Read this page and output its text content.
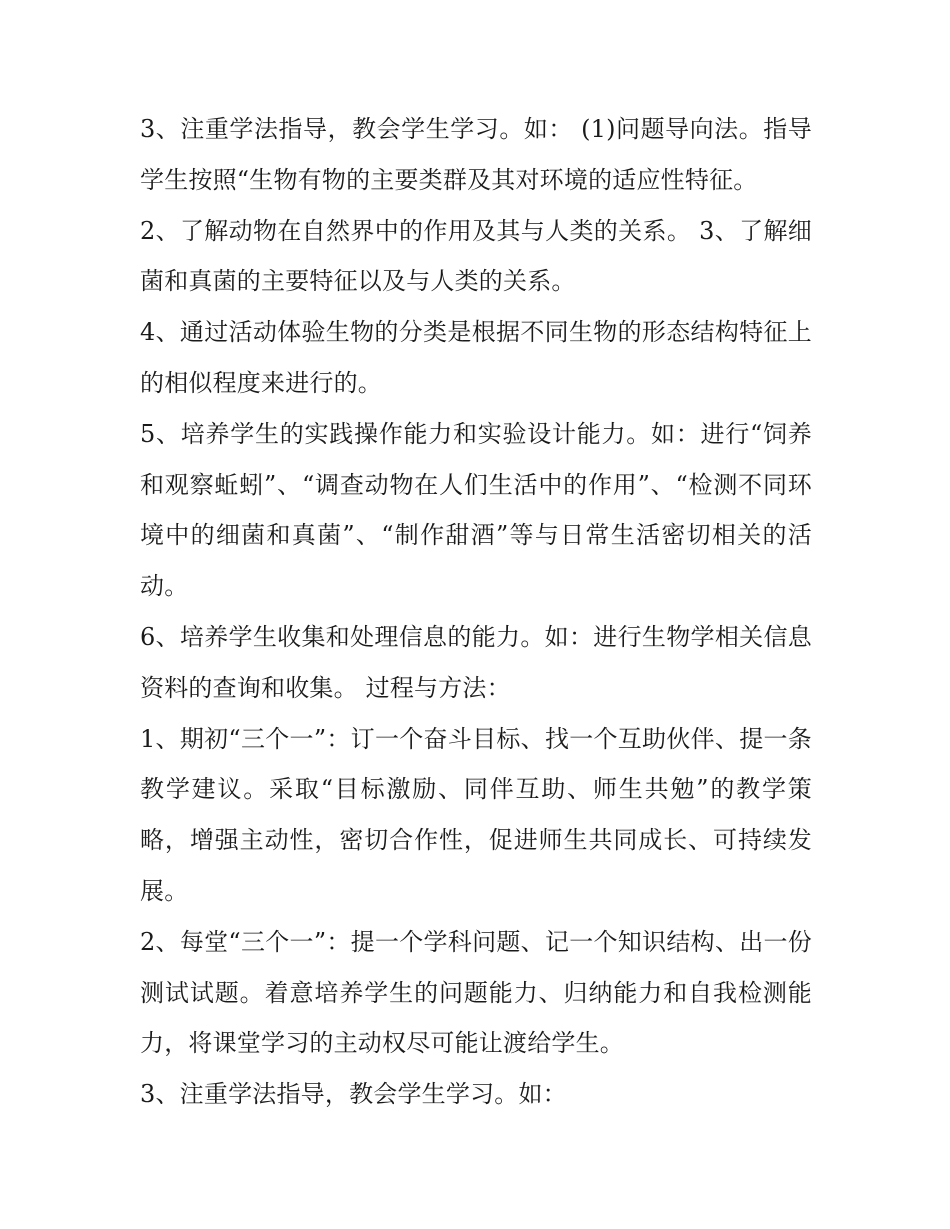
3、注重学法指导，教会学生学习。如： (1)问题导向法。指导学生按照“生物有物的主要类群及其对环境的适应性特征。

2、了解动物在自然界中的作用及其与人类的关系。 3、了解细菌和真菌的主要特征以及与人类的关系。

4、通过活动体验生物的分类是根据不同生物的形态结构特征上的相似程度来进行的。

5、培养学生的实践操作能力和实验设计能力。如：进行“饲养和观察蚯蚓”、“调查动物在人们生活中的作用”、“检测不同环境中的细菌和真菌”、“制作甜酒”等与日常生活密切相关的活动。

6、培养学生收集和处理信息的能力。如：进行生物学相关信息资料的查询和收集。 过程与方法：

1、期初“三个一”：订一个奋斗目标、找一个互助伙伴、提一条教学建议。采取“目标激励、同伴互助、师生共勉”的教学策略，增强主动性，密切合作性，促进师生共同成长、可持续发展。

2、每堂“三个一”：提一个学科问题、记一个知识结构、出一份测试试题。着意培养学生的问题能力、归纳能力和自我检测能力，将课堂学习的主动权尽可能让渡给学生。

3、注重学法指导，教会学生学习。如：
